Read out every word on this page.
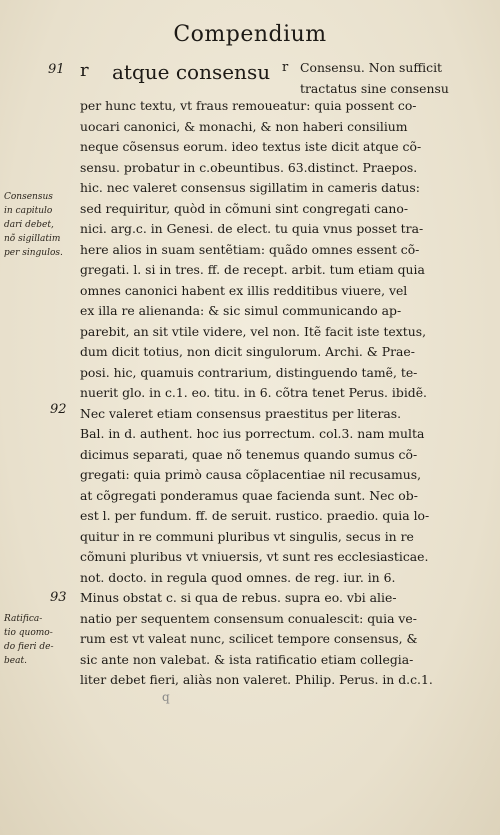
Compendium
91 r atque consensu r Consensu. Non sufficit
tractatus sine consensu
per hunc textu, vt fraus remoueatur: quia possent co-
uocari canonici, & monachi, & non haberi consilium
neque cõsensus eorum. ideo textus iste dicit atque cõ-
sensu. probatur in c.obeuntibus. 63.distinct. Praepos.
hic. nec valeret consensus sigillatim in cameris datus:
sed requiritur, quòd in cõmuni sint congregati cano-
nici. arg.c. in Genesi. de elect. tu quia vnus posset tra-
here alios in suam sentẽtiam: quãdo omnes essent cõ-
gregati. l. si in tres. ff. de recept. arbit. tum etiam quia
omnes canonici habent ex illis redditibus viuere, vel
ex illa re alienanda: & sic simul communicando ap-
parebit, an sit vtile videre, vel non. Itẽ facit iste textus,
dum dicit totius, non dicit singulorum. Archi. & Prae-
posi. hic, quamuis contrarium, distinguendo tamẽ, te-
nuerit glo. in c.1. eo. titu. in 6. cõtra tenet Perus. ibidẽ.
Nec valeret etiam consensus praestitus per literas.
Bal. in d. authent. hoc ius porrectum. col.3. nam multa
dicimus separati, quae nõ tenemus quando sumus cõ-
gregati: quia primò causa cõplacentiae nil recusamus,
at cõgregati ponderamus quae facienda sunt. Nec ob-
est l. per fundum. ff. de seruit. rustico. praedio. quia lo-
quitur in re communi pluribus vt singulis, secus in re
cõmuni pluribus vt vniuersis, vt sunt res ecclesiasticae.
not. docto. in regula quod omnes. de reg. iur. in 6.
Minus obstat c. si qua de rebus. supra eo. vbi alie-
natio per sequentem consensum conualescit: quia ve-
rum est vt valeat nunc, scilicet tempore consensus, &
sic ante non valebat. & ista ratificatio etiam collegia-
liter debet fieri, aliàs non valeret. Philip. Perus. in d.c.1.
Consensus
in capitulo
dari debet,
nõ sigillatim
per singulos.
Ratifica-
tio quomo-
do fieri de-
beat.
92
93
q
